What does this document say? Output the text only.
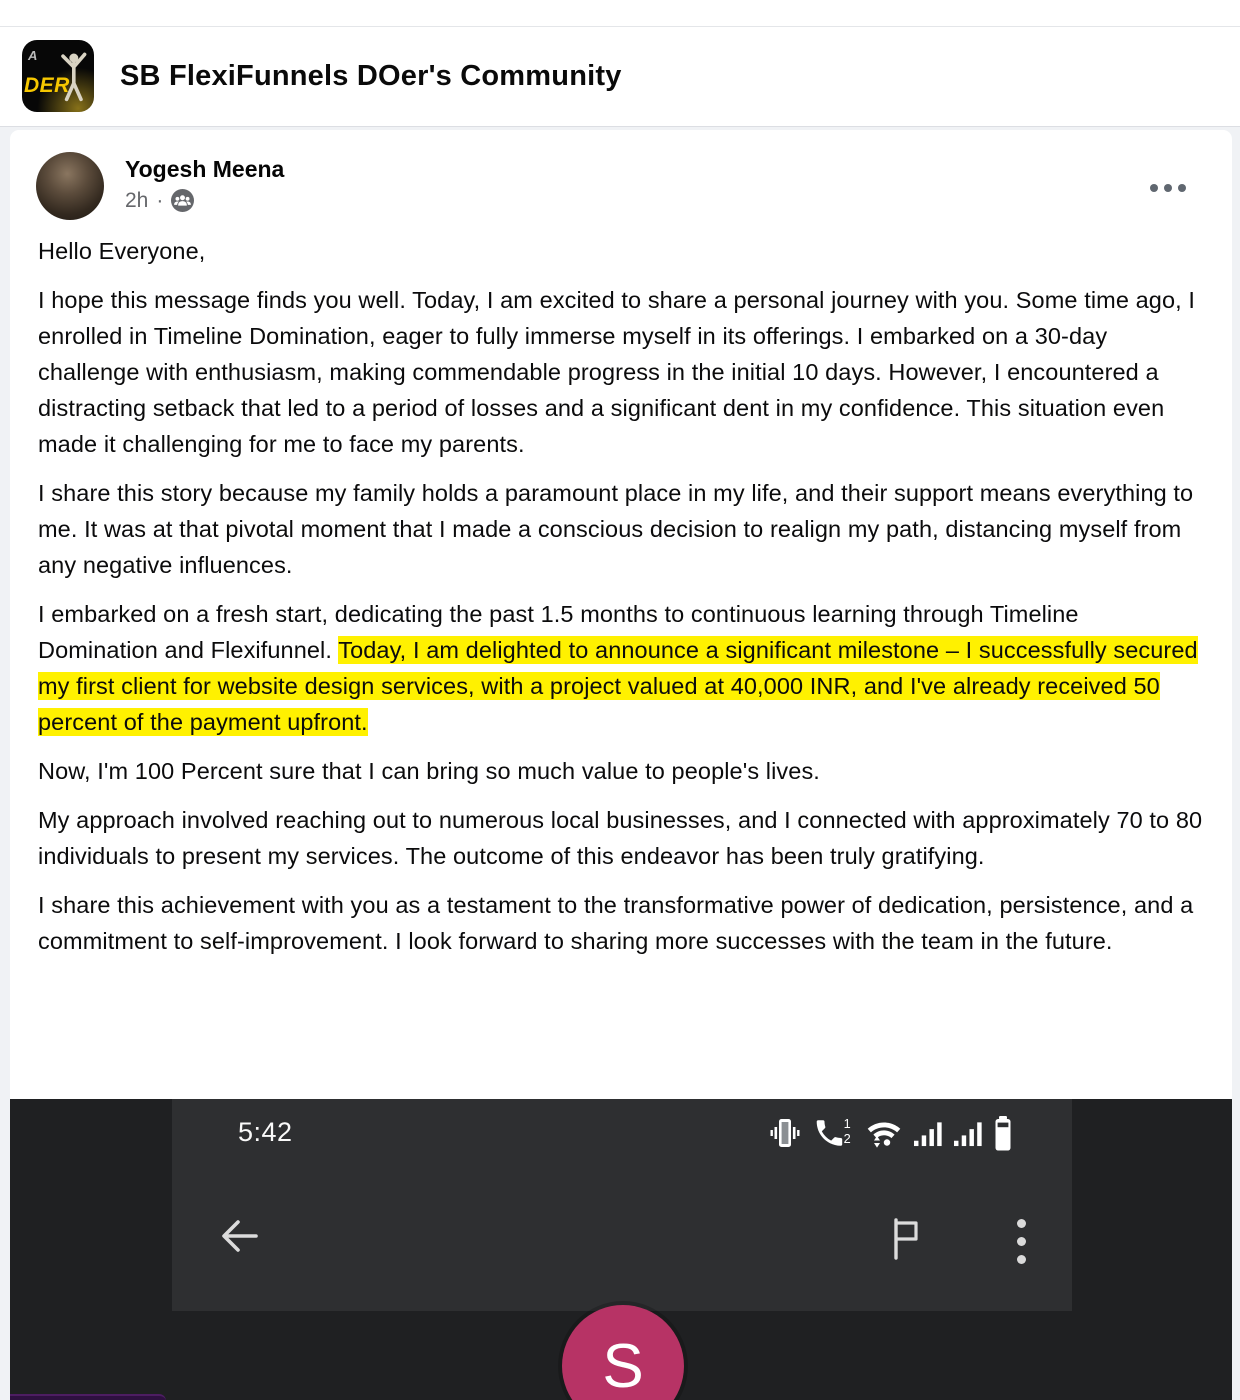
A
DER SB FlexiFunnels DOer's Community
Yogesh Meena
2h ·

Hello Everyone,

I hope this message finds you well. Today, I am excited to share a personal journey with you. Some time ago, I enrolled in Timeline Domination, eager to fully immerse myself in its offerings. I embarked on a 30-day challenge with enthusiasm, making commendable progress in the initial 10 days. However, I encountered a distracting setback that led to a period of losses and a significant dent in my confidence. This situation even made it challenging for me to face my parents.

I share this story because my family holds a paramount place in my life, and their support means everything to me. It was at that pivotal moment that I made a conscious decision to realign my path, distancing myself from any negative influences.

I embarked on a fresh start, dedicating the past 1.5 months to continuous learning through Timeline Domination and Flexifunnel. Today, I am delighted to announce a significant milestone – I successfully secured my first client for website design services, with a project valued at 40,000 INR, and I've already received 50 percent of the payment upfront.

Now, I'm 100 Percent sure that I can bring so much value to people's lives.

My approach involved reaching out to numerous local businesses, and I connected with approximately 70 to 80 individuals to present my services. The outcome of this endeavor has been truly gratifying.

I share this achievement with you as a testament to the transformative power of dedication, persistence, and a commitment to self-improvement. I look forward to sharing more successes with the team in the future.

5:42	1
2
S
